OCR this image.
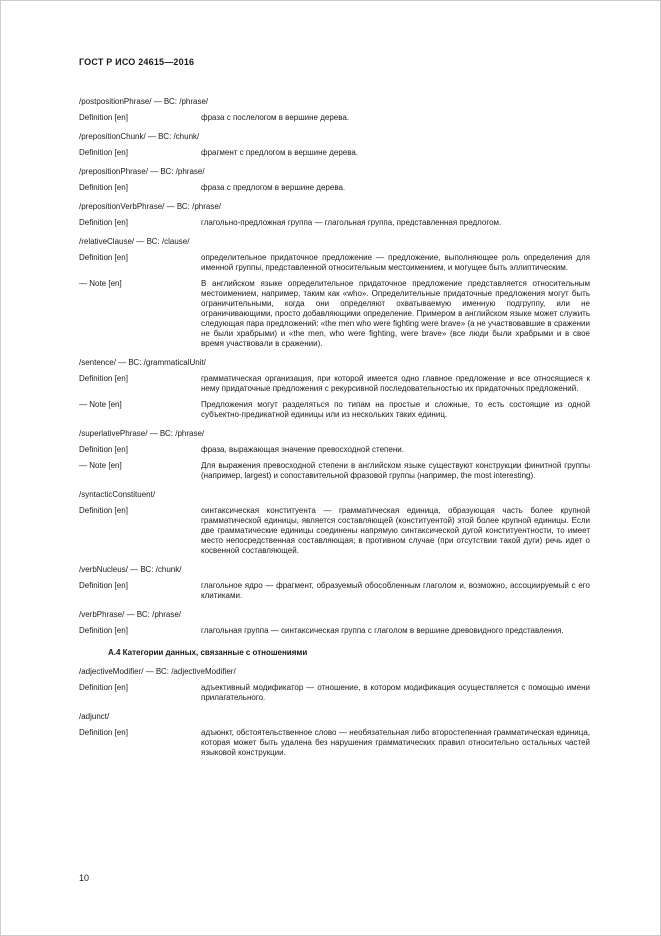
ГОСТ Р ИСО 24615—2016
/postpositionPhrase/ — ВС: /phrase/
Definition [en]	фраза с послелогом в вершине дерева.
/prepositionChunk/ — ВС: /chunk/
Definition [en]	фрагмент с предлогом в вершине дерева.
/prepositionPhrase/ — ВС: /phrase/
Definition [en]	фраза с предлогом в вершине дерева.
/prepositionVerbPhrase/ — ВС: /phrase/
Definition [en]	глагольно-предложная группа — глагольная группа, представленная предлогом.
/relativeClause/ — ВС: /clause/
Definition [en]	определительное придаточное предложение — предложение, выполняющее роль определения для именной группы, представленной относительным местоимением, и могущее быть эллиптическим.
— Note [en]	В английском языке определительное придаточное предложение представляется относительным местоимением, например, таким как «who». Определительные придаточные предложения могут быть ограничительными, когда они определяют охватываемую именную подгруппу, или не ограничивающими, просто добавляющими определение. Примером в английском языке может служить следующая пара предложений: «the men who were fighting were brave» (а не участвовавшие в сражении не были храбрыми) и «the men, who were fighting, were brave» (все люди были храбрыми и в свое время участвовали в сражении).
/sentence/ — ВС: /grammaticalUnit/
Definition [en]	грамматическая организация, при которой имеется одно главное предложение и все относящиеся к нему придаточные предложения с рекурсивной последовательностью их придаточных предложений.
— Note [en]	Предложения могут разделяться по типам на простые и сложные, то есть состоящие из одной субъектно-предикатной единицы или из нескольких таких единиц.
/superlativePhrase/ — ВС: /phrase/
Definition [en]	фраза, выражающая значение превосходной степени.
— Note [en]	Для выражения превосходной степени в английском языке существуют конструкции финитной группы (например, largest) и сопоставительной фразовой группы (например, the most interesting).
/syntacticConstituent/
Definition [en]	синтаксическая конституента — грамматическая единица, образующая часть более крупной грамматической единицы, является составляющей (конституентой) этой более крупной единицы. Если две грамматические единицы соединены напрямую синтаксической дугой конституентности, то имеет место непосредственная составляющая; в противном случае (при отсутствии такой дуги) речь идет о косвенной составляющей.
/verbNucleus/ — ВС: /chunk/
Definition [en]	глагольное ядро — фрагмент, образуемый обособленным глаголом и, возможно, ассоциируемый с его клитиками.
/verbPhrase/ — ВС: /phrase/
Definition [en]	глагольная группа — синтаксическая группа с глаголом в вершине древовидного представления.
А.4 Категории данных, связанные с отношениями
/adjectiveModifier/ — ВС: /adjectiveModifier/
Definition [en]	адъективный модификатор — отношение, в котором модификация осуществляется с помощью имени прилагательного.
/adjunct/
Definition [en]	адъюнкт, обстоятельственное слово — необязательная либо второстепенная грамматическая единица, которая может быть удалена без нарушения грамматических правил относительно остальных частей языковой конструкции.
10
